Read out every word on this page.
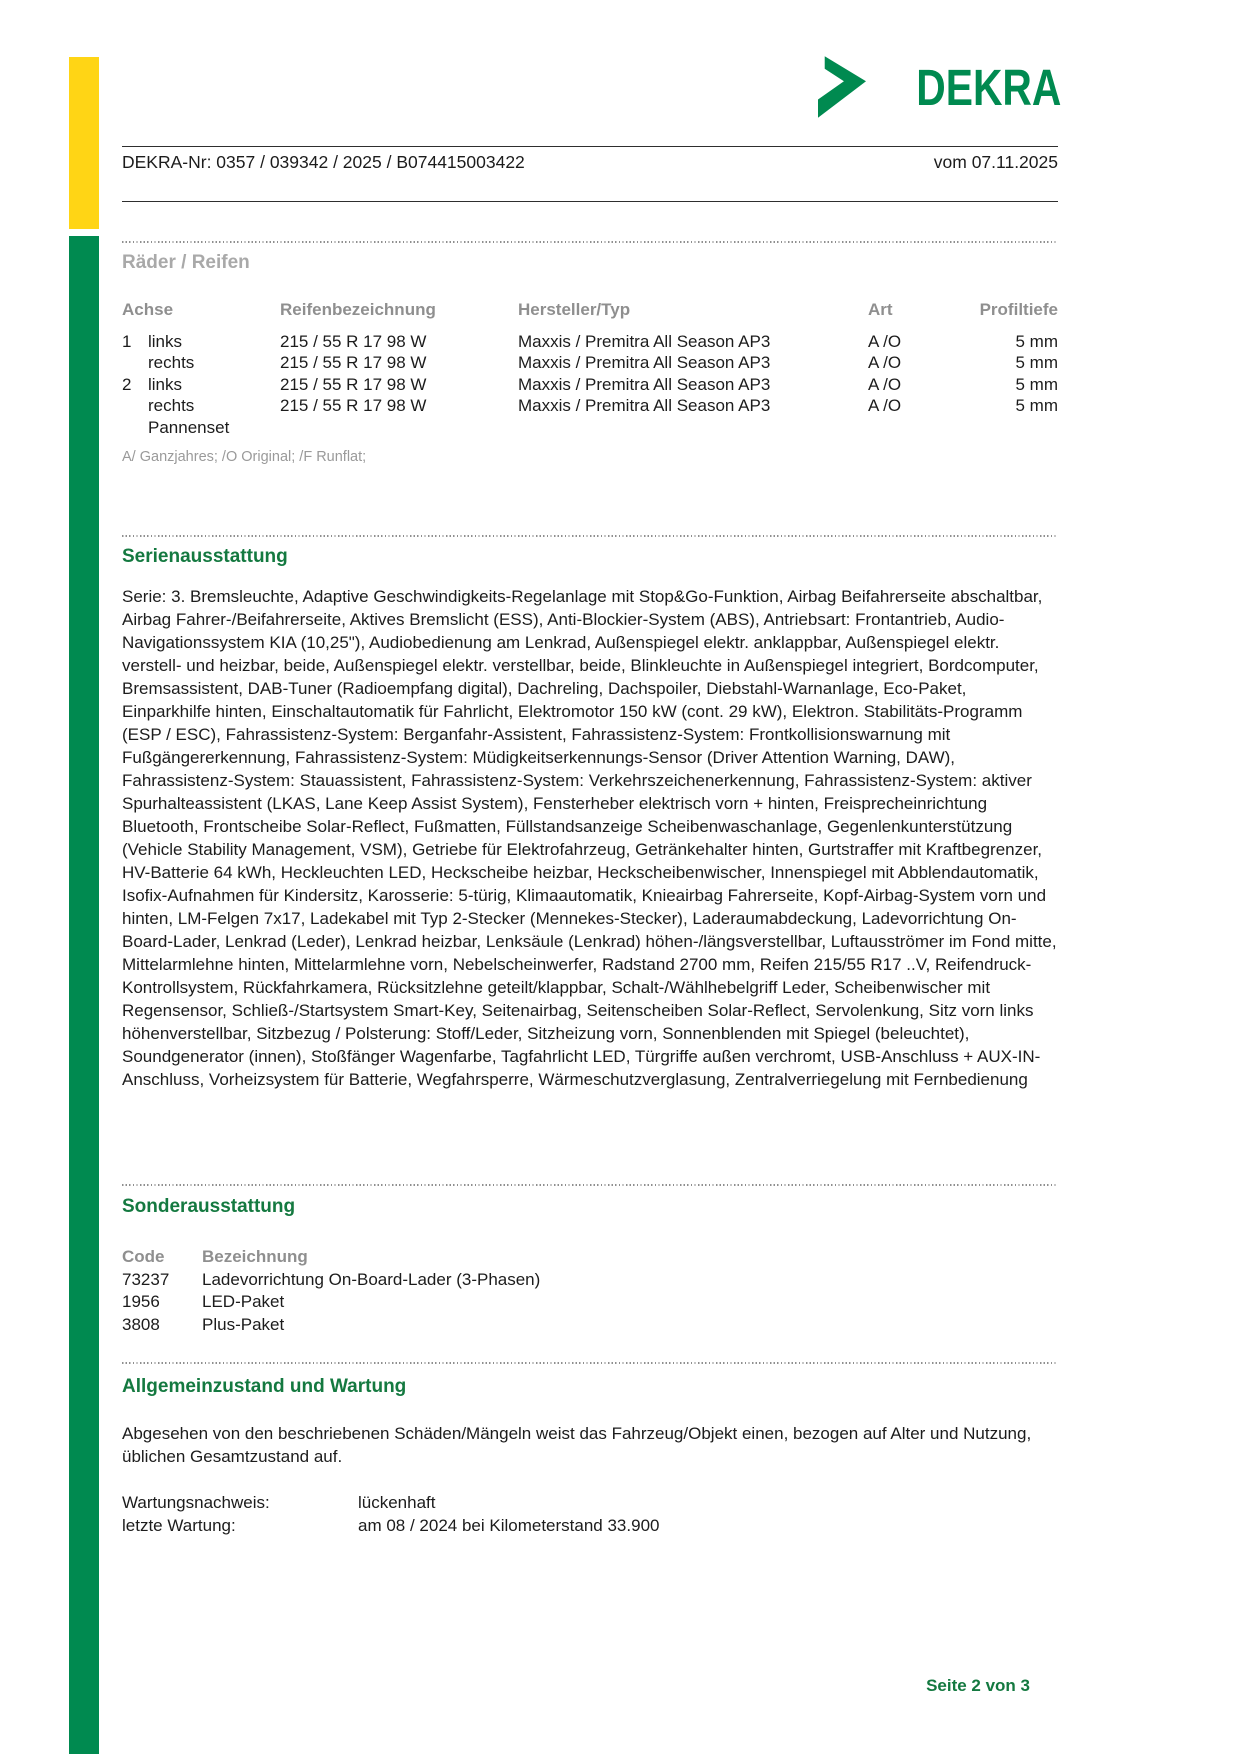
DEKRA
DEKRA-Nr: 0357 / 039342 / 2025 / B074415003422	vom 07.11.2025
Räder / Reifen
Achse	Reifenbezeichnung	Hersteller/Typ	Art	Profiltiefe
1 links	215 / 55 R 17 98 W	Maxxis / Premitra All Season AP3	A /O	5 mm
rechts	215 / 55 R 17 98 W	Maxxis / Premitra All Season AP3	A /O	5 mm
2 links	215 / 55 R 17 98 W	Maxxis / Premitra All Season AP3	A /O	5 mm
rechts	215 / 55 R 17 98 W	Maxxis / Premitra All Season AP3	A /O	5 mm
Pannenset
A/ Ganzjahres; /O Original; /F Runflat;
Serienausstattung
Serie: 3. Bremsleuchte, Adaptive Geschwindigkeits-Regelanlage mit Stop&Go-Funktion, Airbag Beifahrerseite abschaltbar, Airbag Fahrer-/Beifahrerseite, Aktives Bremslicht (ESS), Anti-Blockier-System (ABS), Antriebsart: Frontantrieb, Audio-Navigationssystem KIA (10,25"), Audiobedienung am Lenkrad, Außenspiegel elektr. anklappbar, Außenspiegel elektr. verstell- und heizbar, beide, Außenspiegel elektr. verstellbar, beide, Blinkleuchte in Außenspiegel integriert, Bordcomputer, Bremsassistent, DAB-Tuner (Radioempfang digital), Dachreling, Dachspoiler, Diebstahl-Warnanlage, Eco-Paket, Einparkhilfe hinten, Einschaltautomatik für Fahrlicht, Elektromotor 150 kW (cont. 29 kW), Elektron. Stabilitäts-Programm (ESP / ESC), Fahrassistenz-System: Berganfahr-Assistent, Fahrassistenz-System: Frontkollisionswarnung mit Fußgängererkennung, Fahrassistenz-System: Müdigkeitserkennungs-Sensor (Driver Attention Warning, DAW), Fahrassistenz-System: Stauassistent, Fahrassistenz-System: Verkehrszeichenerkennung, Fahrassistenz-System: aktiver Spurhalteassistent (LKAS, Lane Keep Assist System), Fensterheber elektrisch vorn + hinten, Freisprecheinrichtung Bluetooth, Frontscheibe Solar-Reflect, Fußmatten, Füllstandsanzeige Scheibenwaschanlage, Gegenlenkunterstützung (Vehicle Stability Management, VSM), Getriebe für Elektrofahrzeug, Getränkehalter hinten, Gurtstraffer mit Kraftbegrenzer, HV-Batterie 64 kWh, Heckleuchten LED, Heckscheibe heizbar, Heckscheibenwischer, Innenspiegel mit Abblendautomatik, Isofix-Aufnahmen für Kindersitz, Karosserie: 5-türig, Klimaautomatik, Knieairbag Fahrerseite, Kopf-Airbag-System vorn und hinten, LM-Felgen 7x17, Ladekabel mit Typ 2-Stecker (Mennekes-Stecker), Laderaumabdeckung, Ladevorrichtung On-Board-Lader, Lenkrad (Leder), Lenkrad heizbar, Lenksäule (Lenkrad) höhen-/längsverstellbar, Luftausströmer im Fond mitte, Mittelarmlehne hinten, Mittelarmlehne vorn, Nebelscheinwerfer, Radstand 2700 mm, Reifen 215/55 R17 ..V, Reifendruck-Kontrollsystem, Rückfahrkamera, Rücksitzlehne geteilt/klappbar, Schalt-/Wählhebelgriff Leder, Scheibenwischer mit Regensensor, Schließ-/Startsystem Smart-Key, Seitenairbag, Seitenscheiben Solar-Reflect, Servolenkung, Sitz vorn links höhenverstellbar, Sitzbezug / Polsterung: Stoff/Leder, Sitzheizung vorn, Sonnenblenden mit Spiegel (beleuchtet), Soundgenerator (innen), Stoßfänger Wagenfarbe, Tagfahrlicht LED, Türgriffe außen verchromt, USB-Anschluss + AUX-IN-Anschluss, Vorheizsystem für Batterie, Wegfahrsperre, Wärmeschutzverglasung, Zentralverriegelung mit Fernbedienung
Sonderausstattung
Code	Bezeichnung
73237	Ladevorrichtung On-Board-Lader (3-Phasen)
1956	LED-Paket
3808	Plus-Paket
Allgemeinzustand und Wartung
Abgesehen von den beschriebenen Schäden/Mängeln weist das Fahrzeug/Objekt einen, bezogen auf Alter und Nutzung, üblichen Gesamtzustand auf.
Wartungsnachweis:	lückenhaft
letzte Wartung:	am 08 / 2024 bei Kilometerstand 33.900
Seite 2 von 3
